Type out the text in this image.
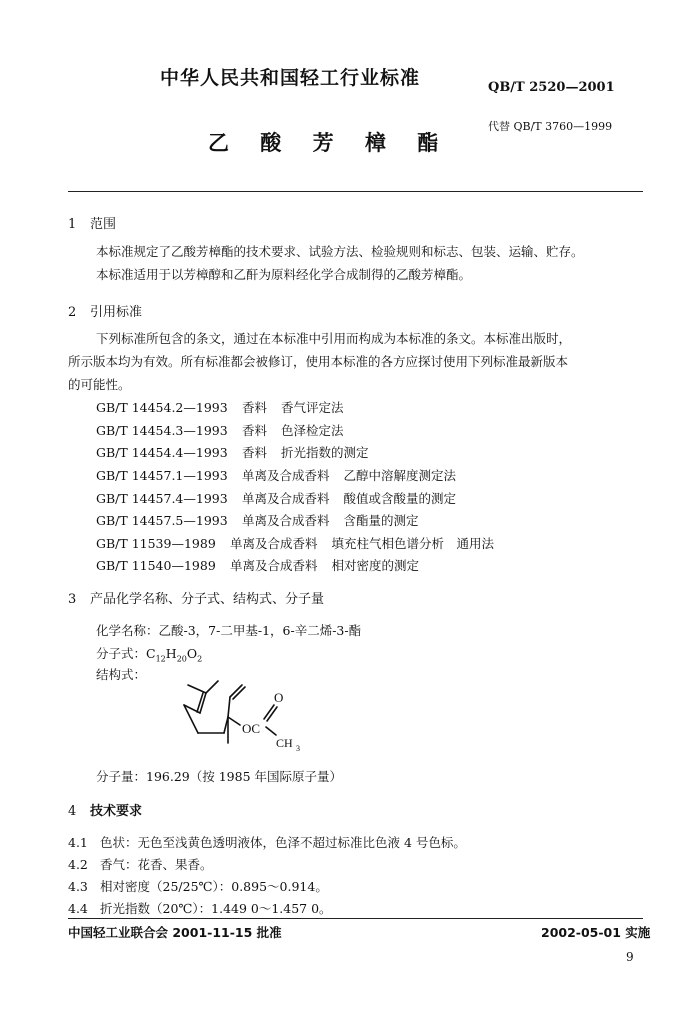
中华人民共和国轻工行业标准	QB/T 2520—2001
代替 QB/T 3760—1999
乙 酸 芳 樟 酯
1 范围
本标准规定了乙酸芳樟酯的技术要求、试验方法、检验规则和标志、包装、运输、贮存。
本标准适用于以芳樟醇和乙酐为原料经化学合成制得的乙酸芳樟酯。
2 引用标准
下列标准所包含的条文，通过在本标准中引用而构成为本标准的条文。本标准出版时，
所示版本均为有效。所有标准都会被修订，使用本标准的各方应探讨使用下列标准最新版本
的可能性。
GB/T 14454.2—1993 香料 香气评定法
GB/T 14454.3—1993 香料 色泽检定法
GB/T 14454.4—1993 香料 折光指数的测定
GB/T 14457.1—1993 单离及合成香料 乙醇中溶解度测定法
GB/T 14457.4—1993 单离及合成香料 酸值或含酸量的测定
GB/T 14457.5—1993 单离及合成香料 含酯量的测定
GB/T 11539—1989 单离及合成香料 填充柱气相色谱分析　通用法
GB/T 11540—1989 单离及合成香料 相对密度的测定
3 产品化学名称、分子式、结构式、分子量
化学名称：乙酸-3，7-二甲基-1，6-辛二烯-3-酯
分子式：$C_{12}H_{20}O_2$
结构式：
OC
O
CH 3
分子量：196.29（按 1985 年国际原子量）
4 技术要求
4.1 色状：无色至浅黄色透明液体，色泽不超过标准比色液 4 号色标。
4.2 香气：花香、果香。
4.3 相对密度（25/25℃）：0.895～0.914。
4.4 折光指数（20℃）：1.449 0～1.457 0。
中国轻工业联合会 2001-11-15 批准	2002-05-01 实施
9
